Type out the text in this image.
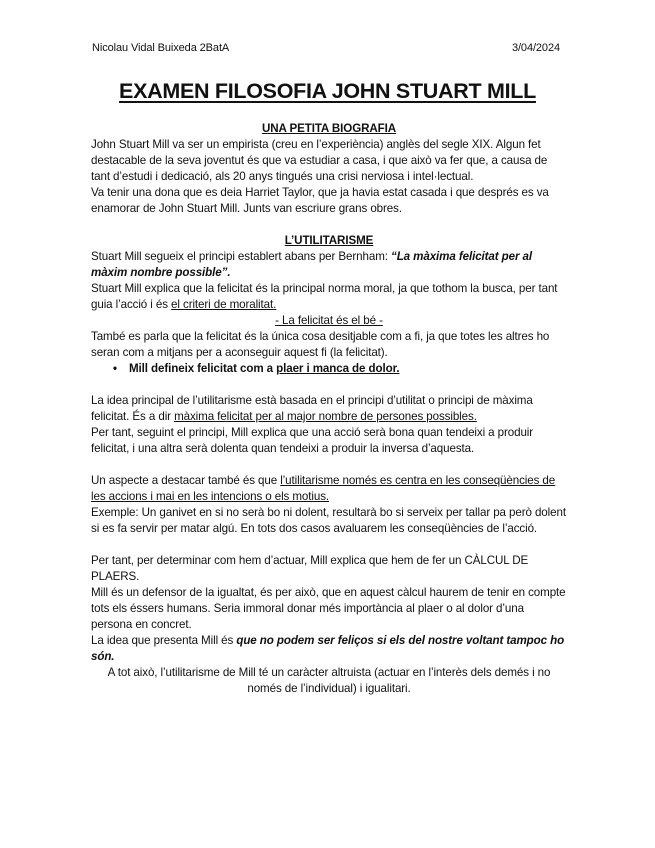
Nicolau Vidal Buixeda 2BatA	3/04/2024
EXAMEN FILOSOFIA JOHN STUART MILL

UNA PETITA BIOGRAFIA

John Stuart Mill va ser un empirista (creu en l’experiència) anglès del segle XIX. Algun fet destacable de la seva joventut és que va estudiar a casa, i que això va fer que, a causa de tant d’estudi i dedicació, als 20 anys tingués una crisi nerviosa i intel·lectual.

Va tenir una dona que es deia Harriet Taylor, que ja havia estat casada i que després es va enamorar de John Stuart Mill. Junts van escriure grans obres.

L’UTILITARISME

Stuart Mill segueix el principi establert abans per Bernham: “La màxima felicitat per al màxim nombre possible”.

Stuart Mill explica que la felicitat és la principal norma moral, ja que tothom la busca, per tant guia l’acció i és el criteri de moralitat.

- La felicitat és el bé -

També es parla que la felicitat és la única cosa desitjable com a fi, ja que totes les altres ho seran com a mitjans per a aconseguir aquest fi (la felicitat).

•	Mill defineix felicitat com a plaer i manca de dolor.

La idea principal de l’utilitarisme està basada en el principi d’utilitat o principi de màxima felicitat. És a dir màxima felicitat per al major nombre de persones possibles.

Per tant, seguint el principi, Mill explica que una acció serà bona quan tendeixi a produir felicitat, i una altra serà dolenta quan tendeixi a produir la inversa d’aquesta.

Un aspecte a destacar també és que l’utilitarisme només es centra en les conseqüències de les accions i mai en les intencions o els motius.

Exemple: Un ganivet en si no serà bo ni dolent, resultarà bo si serveix per tallar pa però dolent si es fa servir per matar algú. En tots dos casos avaluarem les conseqüències de l’acció.

Per tant, per determinar com hem d’actuar, Mill explica que hem de fer un CÀLCUL DE PLAERS.

Mill és un defensor de la igualtat, és per això, que en aquest càlcul haurem de tenir en compte tots els éssers humans. Seria immoral donar més importància al plaer o al dolor d’una persona en concret.

La idea que presenta Mill és que no podem ser feliços si els del nostre voltant tampoc ho són.

A tot això, l’utilitarisme de Mill té un caràcter altruista (actuar en l’interès dels demés i no només de l’individual) i igualitari.
